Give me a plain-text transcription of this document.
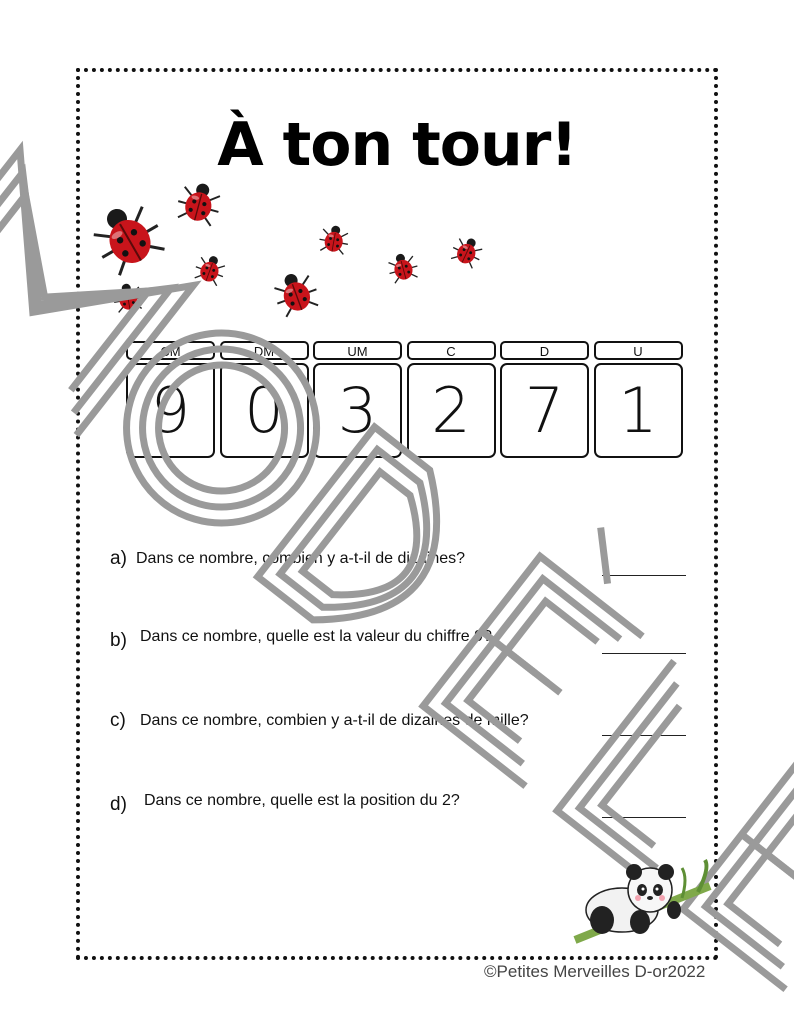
À ton tour!
CM
9
DM
0
UM
3
C
2
D
7
U
1
a) Dans ce nombre, combien y a-t-il de dizaines?
b) Dans ce nombre, quelle est la valeur du chiffre 9?
c) Dans ce nombre, combien y a-t-il de dizaines de mille?
d) Dans ce nombre, quelle est la position du 2?
©Petites Merveilles D-or2022
